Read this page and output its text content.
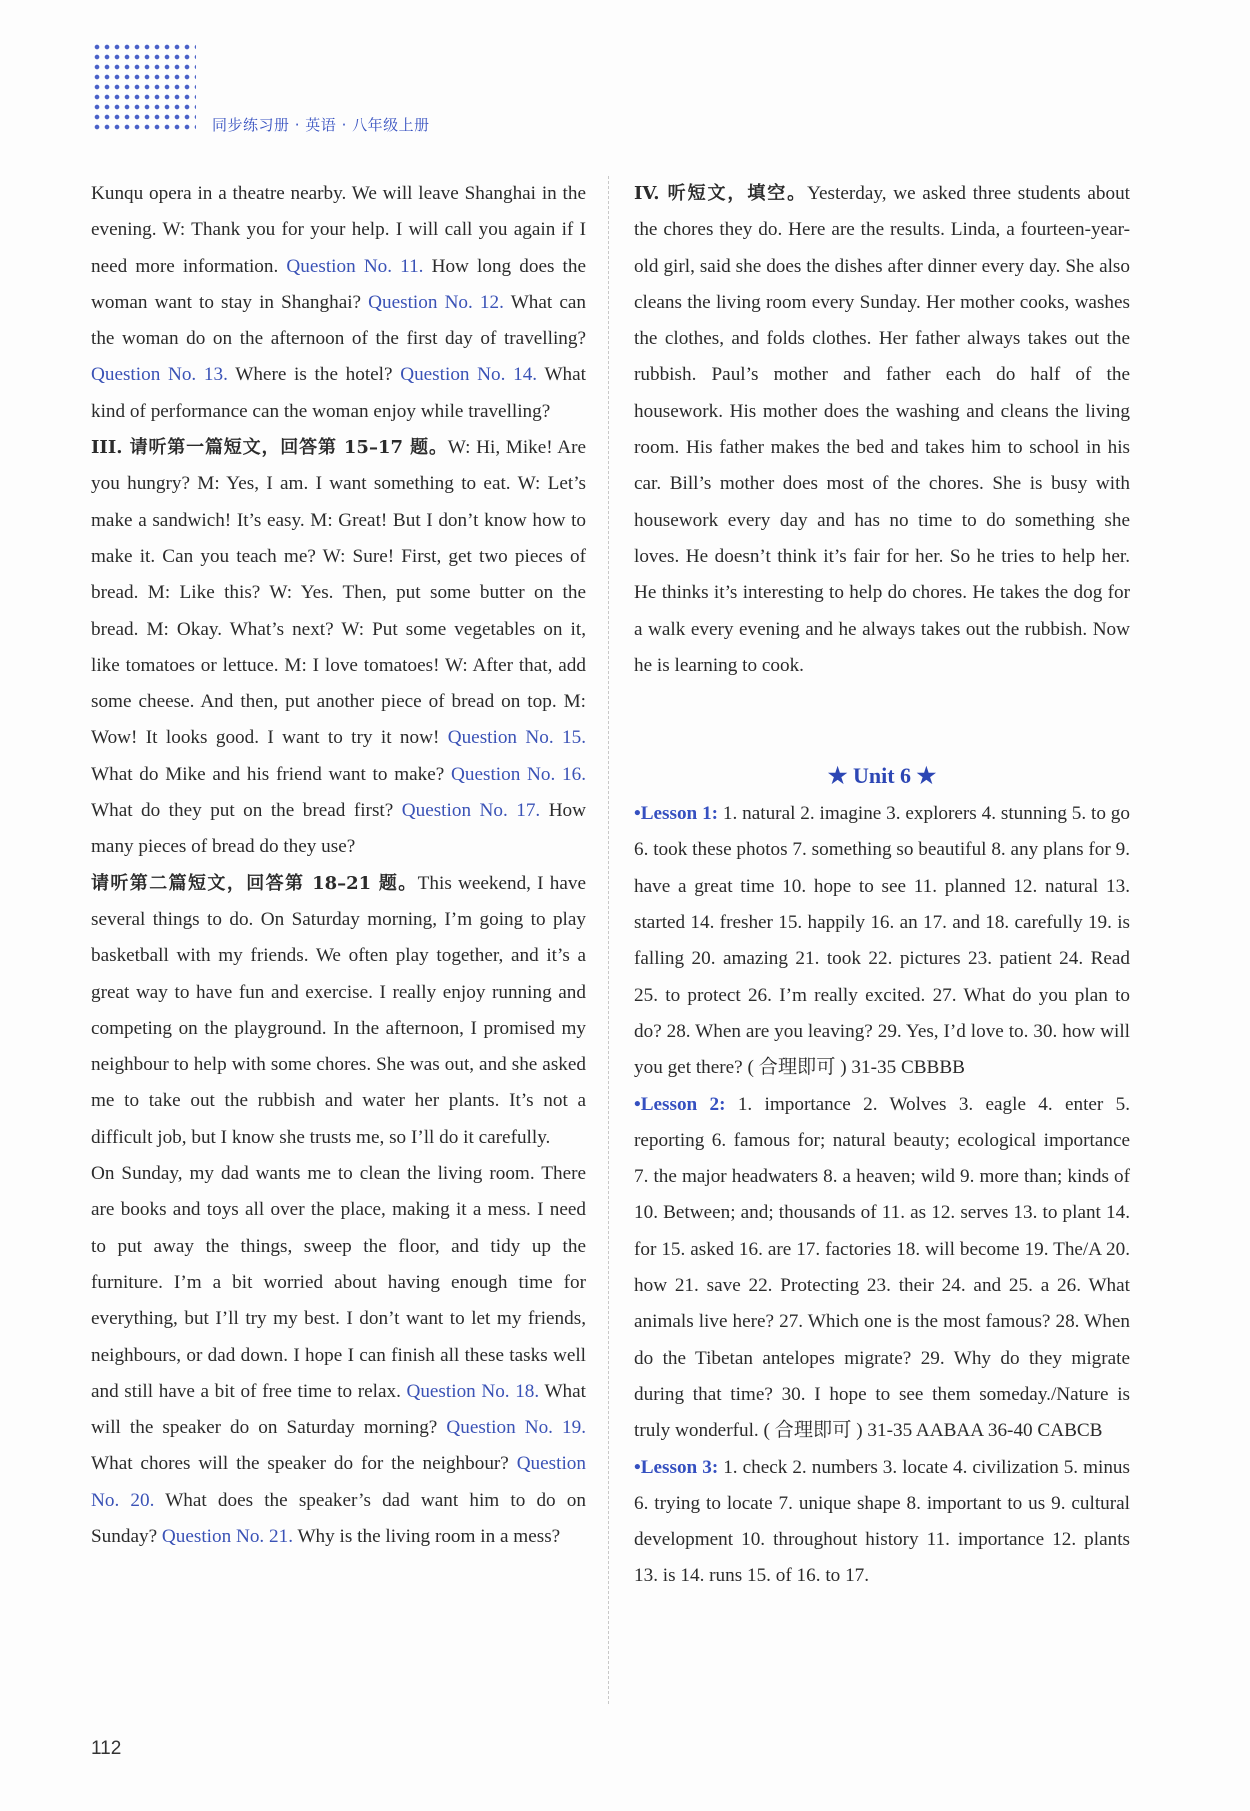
同步练习册 · 英语 · 八年级上册

Kunqu opera in a theatre nearby. We will leave Shanghai in the evening. W: Thank you for your help. I will call you again if I need more information. Question No. 11. How long does the woman want to stay in Shanghai? Question No. 12. What can the woman do on the afternoon of the first day of travelling? Question No. 13. Where is the hotel? Question No. 14. What kind of performance can the woman enjoy while travelling?

III. 请听第一篇短文，回答第 15–17 题。W: Hi, Mike! Are you hungry? M: Yes, I am. I want something to eat. W: Let’s make a sandwich! It’s easy. M: Great! But I don’t know how to make it. Can you teach me? W: Sure! First, get two pieces of bread. M: Like this? W: Yes. Then, put some butter on the bread. M: Okay. What’s next? W: Put some vegetables on it, like tomatoes or lettuce. M: I love tomatoes! W: After that, add some cheese. And then, put another piece of bread on top. M: Wow! It looks good. I want to try it now! Question No. 15. What do Mike and his friend want to make? Question No. 16. What do they put on the bread first? Question No. 17. How many pieces of bread do they use?

请听第二篇短文，回答第 18–21 题。This weekend, I have several things to do. On Saturday morning, I’m going to play basketball with my friends. We often play together, and it’s a great way to have fun and exercise. I really enjoy running and competing on the playground. In the afternoon, I promised my neighbour to help with some chores. She was out, and she asked me to take out the rubbish and water her plants. It’s not a difficult job, but I know she trusts me, so I’ll do it carefully.

On Sunday, my dad wants me to clean the living room. There are books and toys all over the place, making it a mess. I need to put away the things, sweep the floor, and tidy up the furniture. I’m a bit worried about having enough time for everything, but I’ll try my best. I don’t want to let my friends, neighbours, or dad down. I hope I can finish all these tasks well and still have a bit of free time to relax. Question No. 18. What will the speaker do on Saturday morning? Question No. 19. What chores will the speaker do for the neighbour? Question No. 20. What does the speaker’s dad want him to do on Sunday? Question No. 21. Why is the living room in a mess?

IV. 听短文，填空。Yesterday, we asked three students about the chores they do. Here are the results. Linda, a fourteen-year-old girl, said she does the dishes after dinner every day. She also cleans the living room every Sunday. Her mother cooks, washes the clothes, and folds clothes. Her father always takes out the rubbish. Paul’s mother and father each do half of the housework. His mother does the washing and cleans the living room. His father makes the bed and takes him to school in his car. Bill’s mother does most of the chores. She is busy with housework every day and has no time to do something she loves. He doesn’t think it’s fair for her. So he tries to help her. He thinks it’s interesting to help do chores. He takes the dog for a walk every evening and he always takes out the rubbish. Now he is learning to cook.

★ Unit 6 ★

•Lesson 1: 1. natural 2. imagine 3. explorers 4. stunning 5. to go 6. took these photos 7. something so beautiful 8. any plans for 9. have a great time 10. hope to see 11. planned 12. natural 13. started 14. fresher 15. happily 16. an 17. and 18. carefully 19. is falling 20. amazing 21. took 22. pictures 23. patient 24. Read 25. to protect 26. I’m really excited. 27. What do you plan to do? 28. When are you leaving? 29. Yes, I’d love to. 30. how will you get there? ( 合理即可 ) 31-35 CBBBB

•Lesson 2: 1. importance 2. Wolves 3. eagle 4. enter 5. reporting 6. famous for; natural beauty; ecological importance 7. the major headwaters 8. a heaven; wild 9. more than; kinds of 10. Between; and; thousands of 11. as 12. serves 13. to plant 14. for 15. asked 16. are 17. factories 18. will become 19. The/A 20. how 21. save 22. Protecting 23. their 24. and 25. a 26. What animals live here? 27. Which one is the most famous? 28. When do the Tibetan antelopes migrate? 29. Why do they migrate during that time? 30. I hope to see them someday./Nature is truly wonderful. ( 合理即可 ) 31-35 AABAA 36-40 CABCB

•Lesson 3: 1. check 2. numbers 3. locate 4. civilization 5. minus 6. trying to locate 7. unique shape 8. important to us 9. cultural development 10. throughout history 11. importance 12. plants 13. is 14. runs 15. of 16. to 17.

112
